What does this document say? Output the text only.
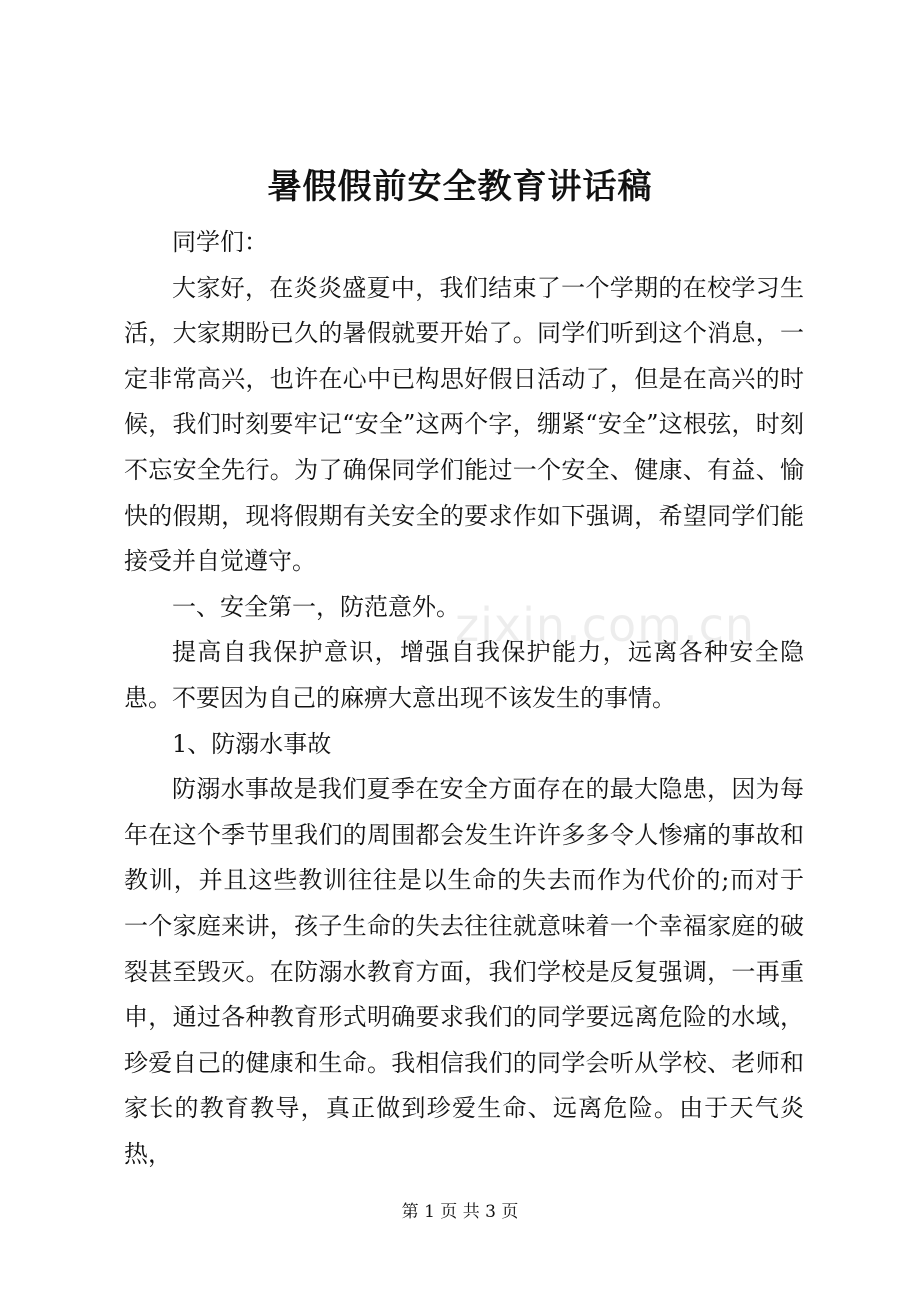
暑假假前安全教育讲话稿

同学们：

大家好，在炎炎盛夏中，我们结束了一个学期的在校学习生活，大家期盼已久的暑假就要开始了。同学们听到这个消息，一定非常高兴，也许在心中已构思好假日活动了，但是在高兴的时候，我们时刻要牢记“安全”这两个字，绷紧“安全”这根弦，时刻不忘安全先行。为了确保同学们能过一个安全、健康、有益、愉快的假期，现将假期有关安全的要求作如下强调，希望同学们能接受并自觉遵守。

一、安全第一，防范意外。

提高自我保护意识，增强自我保护能力，远离各种安全隐患。不要因为自己的麻痹大意出现不该发生的事情。

1、防溺水事故

防溺水事故是我们夏季在安全方面存在的最大隐患，因为每年在这个季节里我们的周围都会发生许许多多令人惨痛的事故和教训，并且这些教训往往是以生命的失去而作为代价的;而对于一个家庭来讲，孩子生命的失去往往就意味着一个幸福家庭的破裂甚至毁灭。在防溺水教育方面，我们学校是反复强调，一再重申，通过各种教育形式明确要求我们的同学要远离危险的水域，珍爱自己的健康和生命。我相信我们的同学会听从学校、老师和家长的教育教导，真正做到珍爱生命、远离危险。由于天气炎热，

zixin.com.cn
第 1 页 共 3 页
